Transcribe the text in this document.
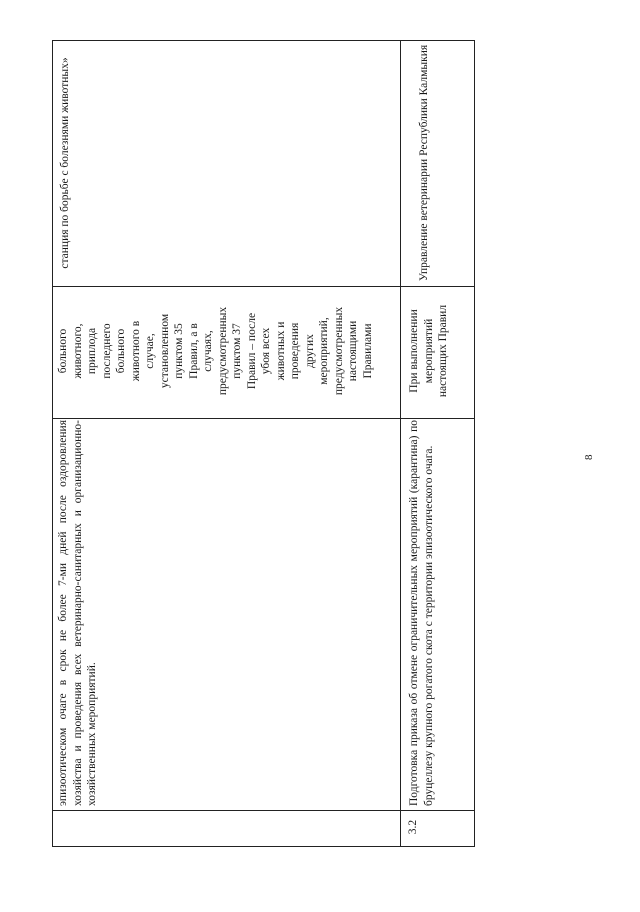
эпизоотическом очаге в срок не более 7-ми дней после оздоровления хозяйства и проведения всех ветеринарно-санитарных и организационно-хозяйственных мероприятий.
больного животного, приплода последнего больного животного в случае, установленном пунктом 35 Правил, а в случаях, предусмотренных пунктом 37 Правил – после убоя всех животных и проведения других мероприятий, предусмотренных настоящими Правилами
станция по борьбе с болезнями животных»
3.2
Подготовка приказа об отмене ограничительных мероприятий (карантина) по бруцеллезу крупного рогатого скота с территории эпизоотического очага.
При выполнении мероприятий настоящих Правил
Управление ветеринарии Республики Калмыкия
8
